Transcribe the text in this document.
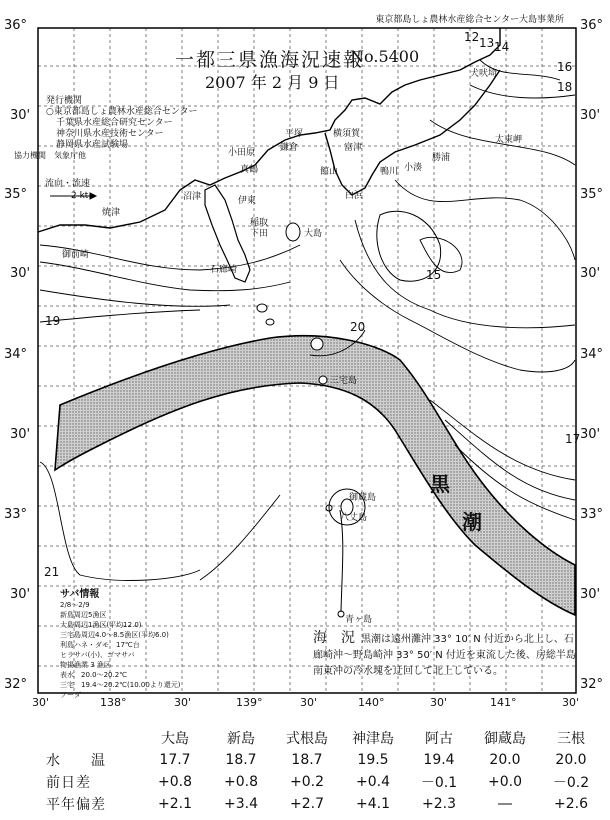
東京都島しょ農林水産総合センター大島事業所
36°
30'
35°
30'
34°
30'
33°
30'
32°
36°
30'
35°
30'
34°
30'
33°
30'
32°
30'	138°	30'	139°	30'	140°	30'	141°	30'
一都三県漁海況速報
No.5400
2007 年 2 月 9 日
発行機関
○東京都島しょ農林水産総合センター
千葉県水産総合研究センター
神奈川県水産技術センター
静岡県水産試験場
協力機関　気象庁他
流向・流速
2 kt
犬吠埼
太東岬
勝浦
小湊
鴨川
白浜
館山
平塚
鎌倉
横須賀
富津
小田原
真鶴
伊東
稲取
下田
石廊崎
沼津
焼津
御前崎
大島
三宅島
御蔵島
八丈島
青ヶ島
12 13 14
15
16
17
18
19	20
21
黒
潮
サバ情報
2/8～2/9
新島周辺5漁区
大島周辺1漁区(平均12.0)
三宅島周辺4.0～8.5漁区(平均6.0)
利島ハネ・ダモ　17℃台
ヒラサバ(小)、ゴマサバ
物揚漁業 3 漁区
表水　20.0～20.2℃
三宅　19.4～20.2℃(10.00より還元)
ソーダ
海　況 黒潮は遠州灘沖 33° 10′ N 付近から北上し、石廊崎沖～野島崎沖 33° 50′ N 付近を東流した後、房総半島南東沖の冷水塊を迂回して北上している。
	大島	新島	式根島	神津島	阿古	御蔵島	三根
水　　温	17.7	18.7	18.7	19.5	19.4	20.0	20.0
前日差	+0.8	+0.8	+0.2	+0.4	－0.1	+0.0	－0.2
平年偏差	+2.1	+3.4	+2.7	+4.1	+2.3	―	+2.6
